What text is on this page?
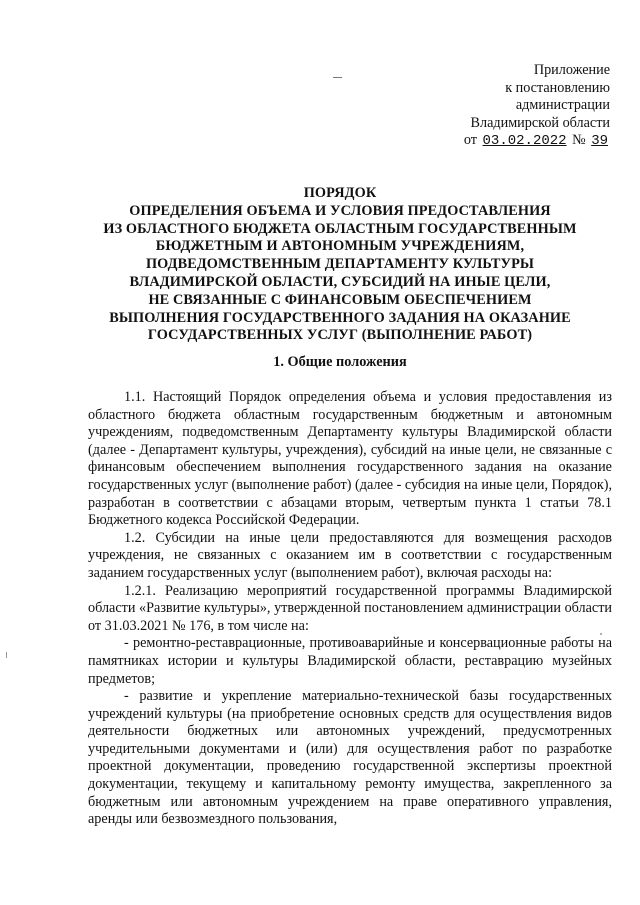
Приложение
к постановлению
администрации
Владимирской области
от 03.02.2022 № 39
ПОРЯДОК
ОПРЕДЕЛЕНИЯ ОБЪЕМА И УСЛОВИЯ ПРЕДОСТАВЛЕНИЯ
ИЗ ОБЛАСТНОГО БЮДЖЕТА ОБЛАСТНЫМ ГОСУДАРСТВЕННЫМ
БЮДЖЕТНЫМ И АВТОНОМНЫМ УЧРЕЖДЕНИЯМ,
ПОДВЕДОМСТВЕННЫМ ДЕПАРТАМЕНТУ КУЛЬТУРЫ
ВЛАДИМИРСКОЙ ОБЛАСТИ, СУБСИДИЙ НА ИНЫЕ ЦЕЛИ,
НЕ СВЯЗАННЫЕ С ФИНАНСОВЫМ ОБЕСПЕЧЕНИЕМ
ВЫПОЛНЕНИЯ ГОСУДАРСТВЕННОГО ЗАДАНИЯ НА ОКАЗАНИЕ
ГОСУДАРСТВЕННЫХ УСЛУГ (ВЫПОЛНЕНИЕ РАБОТ)
1. Общие положения

1.1. Настоящий Порядок определения объема и условия предоставления из областного бюджета областным государственным бюджетным и автономным учреждениям, подведомственным Департаменту культуры Владимирской области (далее - Департамент культуры, учреждения), субсидий на иные цели, не связанные с финансовым обеспечением выполнения государственного задания на оказание государственных услуг (выполнение работ) (далее - субсидия на иные цели, Порядок), разработан в соответствии с абзацами вторым, четвертым пункта 1 статьи 78.1 Бюджетного кодекса Российской Федерации.

1.2. Субсидии на иные цели предоставляются для возмещения расходов учреждения, не связанных с оказанием им в соответствии с государственным заданием государственных услуг (выполнением работ), включая расходы на:

1.2.1. Реализацию мероприятий государственной программы Владимирской области «Развитие культуры», утвержденной постановлением администрации области от 31.03.2021 № 176, в том числе на:

- ремонтно-реставрационные, противоаварийные и консервационные работы на памятниках истории и культуры Владимирской области, реставрацию музейных предметов;

- развитие и укрепление материально-технической базы государственных учреждений культуры (на приобретение основных средств для осуществления видов деятельности бюджетных или автономных учреждений, предусмотренных учредительными документами и (или) для осуществления работ по разработке проектной документации, проведению государственной экспертизы проектной документации, текущему и капитальному ремонту имущества, закрепленного за бюджетным или автономным учреждением на праве оперативного управления, аренды или безвозмездного пользования,
